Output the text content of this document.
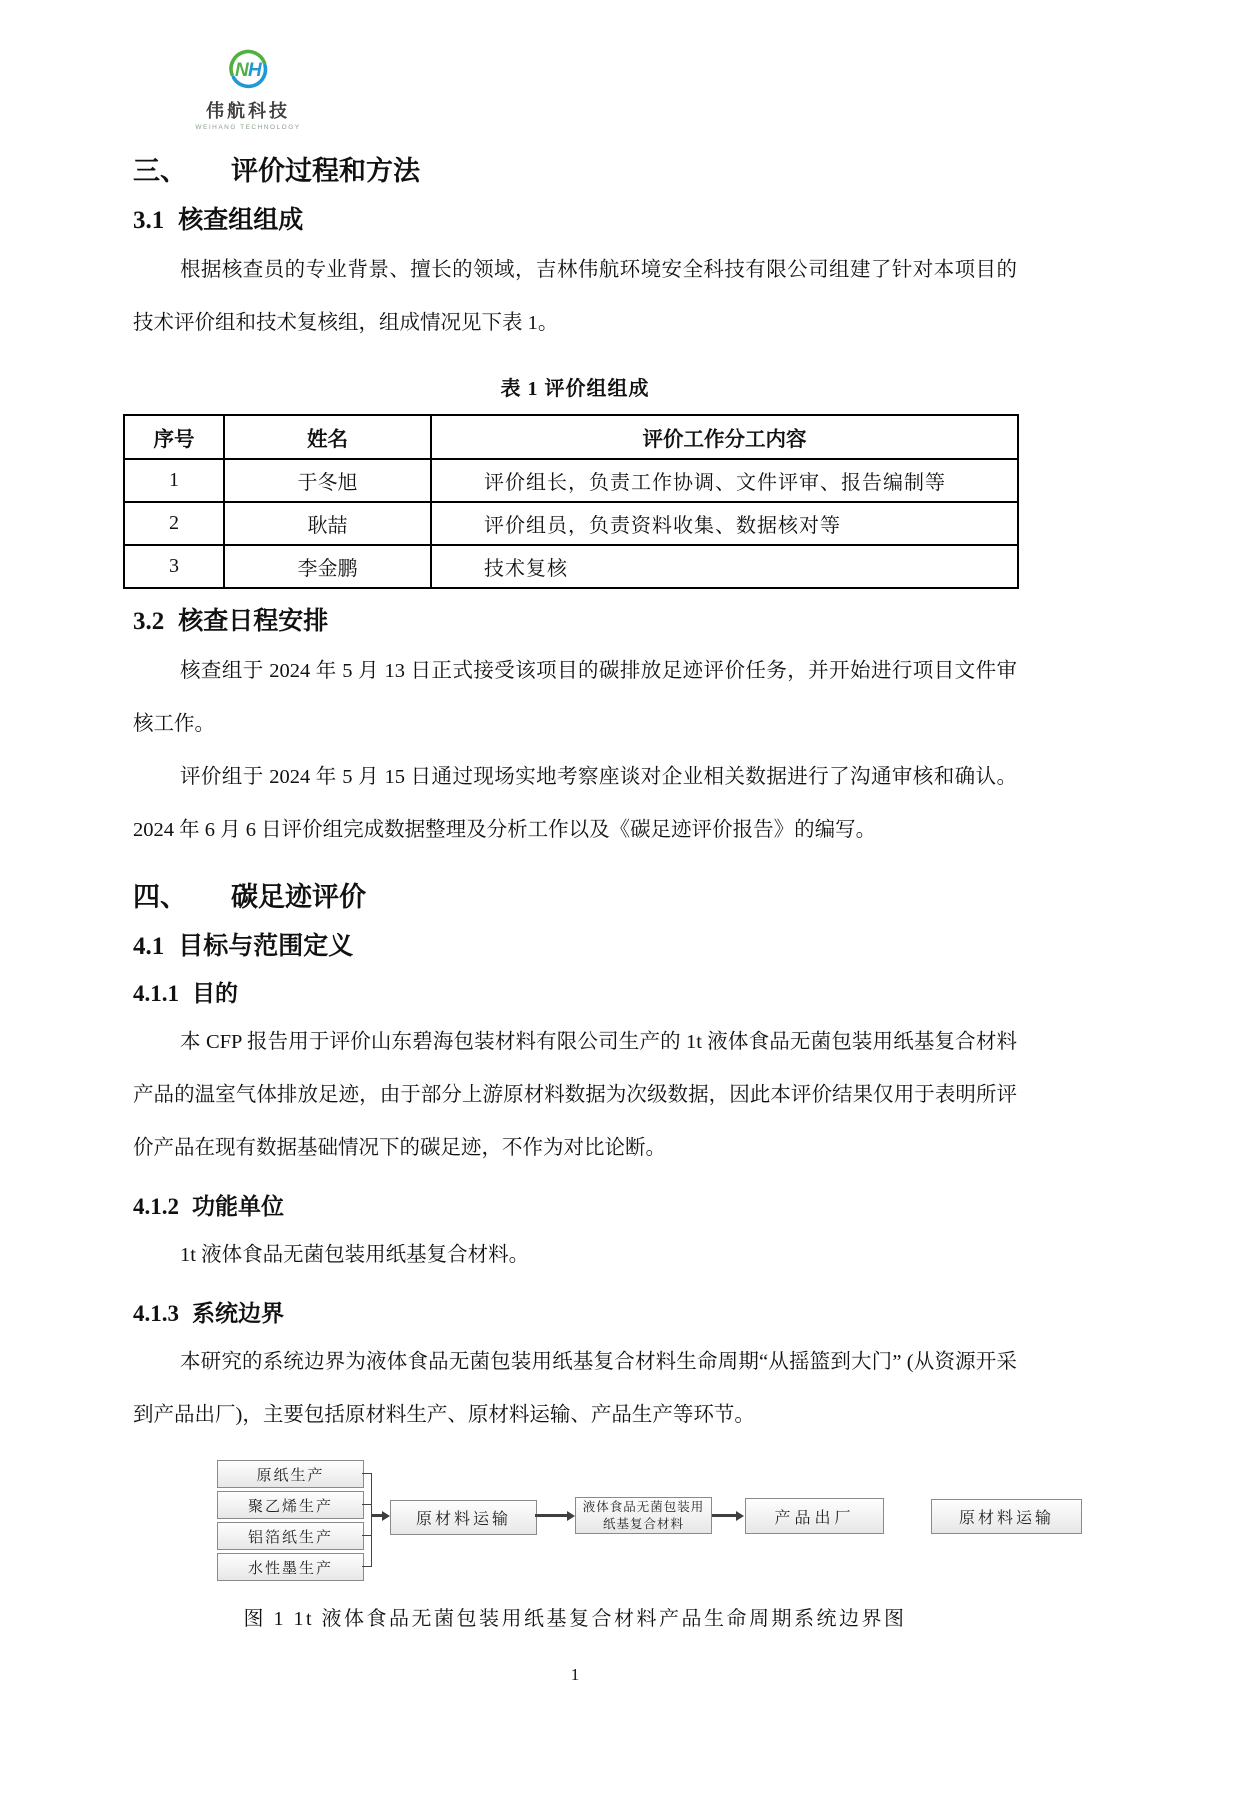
N H
伟航科技
WEIHANG TECHNOLOGY
三、 评价过程和方法
3.1 核查组组成

根据核查员的专业背景、擅长的领域，吉林伟航环境安全科技有限公司组建了针对本项目的技术评价组和技术复核组，组成情况见下表 1。

表 1 评价组组成
序号	姓名	评价工作分工内容
1	于冬旭	评价组长，负责工作协调、文件评审、报告编制等
2	耿喆	评价组员，负责资料收集、数据核对等
3	李金鹏	技术复核
3.2 核查日程安排

核查组于 2024 年 5 月 13 日正式接受该项目的碳排放足迹评价任务，并开始进行项目文件审核工作。

评价组于 2024 年 5 月 15 日通过现场实地考察座谈对企业相关数据进行了沟通审核和确认。2024 年 6 月 6 日评价组完成数据整理及分析工作以及《碳足迹评价报告》的编写。

四、 碳足迹评价
4.1 目标与范围定义
4.1.1 目的

本 CFP 报告用于评价山东碧海包装材料有限公司生产的 1t 液体食品无菌包装用纸基复合材料产品的温室气体排放足迹，由于部分上游原材料数据为次级数据，因此本评价结果仅用于表明所评价产品在现有数据基础情况下的碳足迹，不作为对比论断。

4.1.2 功能单位

1t 液体食品无菌包装用纸基复合材料。

4.1.3 系统边界

本研究的系统边界为液体食品无菌包装用纸基复合材料生命周期“从摇篮到大门” (从资源开采到产品出厂)，主要包括原材料生产、原材料运输、产品生产等环节。

原纸生产
聚乙烯生产
铝箔纸生产
水性墨生产
原材料运输
液体食品无菌包装用纸基复合材料	产品出厂	原材料运输
图 1 1t 液体食品无菌包装用纸基复合材料产品生命周期系统边界图
1
